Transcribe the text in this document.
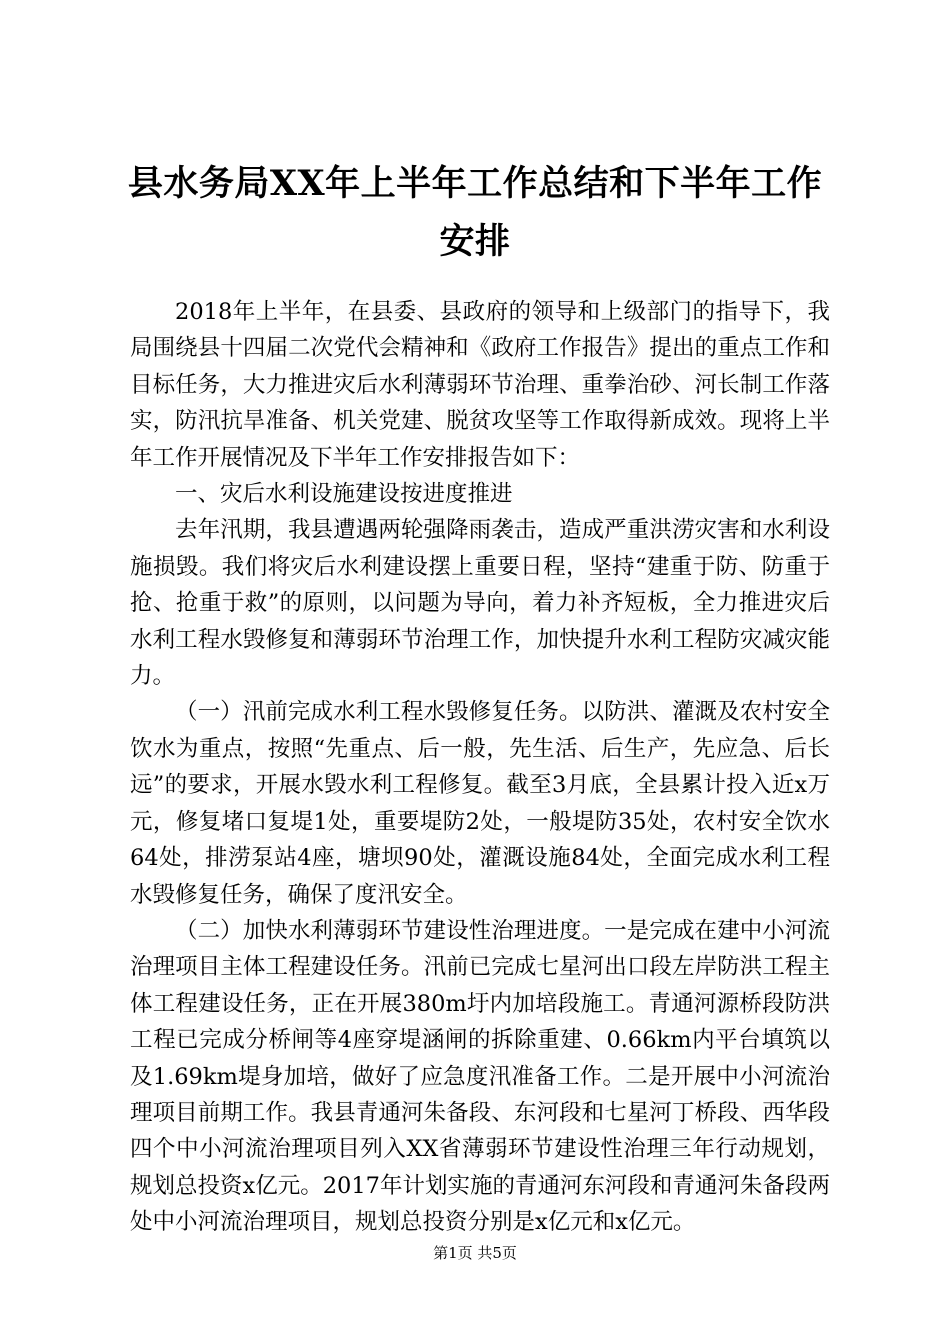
县水务局XX年上半年工作总结和下半年工作安排

2018年上半年，在县委、县政府的领导和上级部门的指导下，我局围绕县十四届二次党代会精神和《政府工作报告》提出的重点工作和目标任务，大力推进灾后水利薄弱环节治理、重拳治砂、河长制工作落实，防汛抗旱准备、机关党建、脱贫攻坚等工作取得新成效。现将上半年工作开展情况及下半年工作安排报告如下：

一、灾后水利设施建设按进度推进

去年汛期，我县遭遇两轮强降雨袭击，造成严重洪涝灾害和水利设施损毁。我们将灾后水利建设摆上重要日程，坚持“建重于防、防重于抢、抢重于救”的原则，以问题为导向，着力补齐短板，全力推进灾后水利工程水毁修复和薄弱环节治理工作，加快提升水利工程防灾减灾能力。

（一）汛前完成水利工程水毁修复任务。以防洪、灌溉及农村安全饮水为重点，按照“先重点、后一般，先生活、后生产，先应急、后长远”的要求，开展水毁水利工程修复。截至3月底，全县累计投入近x万元，修复堵口复堤1处，重要堤防2处，一般堤防35处，农村安全饮水64处，排涝泵站4座，塘坝90处，灌溉设施84处，全面完成水利工程水毁修复任务，确保了度汛安全。

（二）加快水利薄弱环节建设性治理进度。一是完成在建中小河流治理项目主体工程建设任务。汛前已完成七星河出口段左岸防洪工程主体工程建设任务，正在开展380m圩内加培段施工。青通河源桥段防洪工程已完成分桥闸等4座穿堤涵闸的拆除重建、0.66km内平台填筑以及1.69km堤身加培，做好了应急度汛准备工作。二是开展中小河流治理项目前期工作。我县青通河朱备段、东河段和七星河丁桥段、西华段四个中小河流治理项目列入XX省薄弱环节建设性治理三年行动规划，规划总投资x亿元。2017年计划实施的青通河东河段和青通河朱备段两处中小河流治理项目，规划总投资分别是x亿元和x亿元。

第1页 共5页
